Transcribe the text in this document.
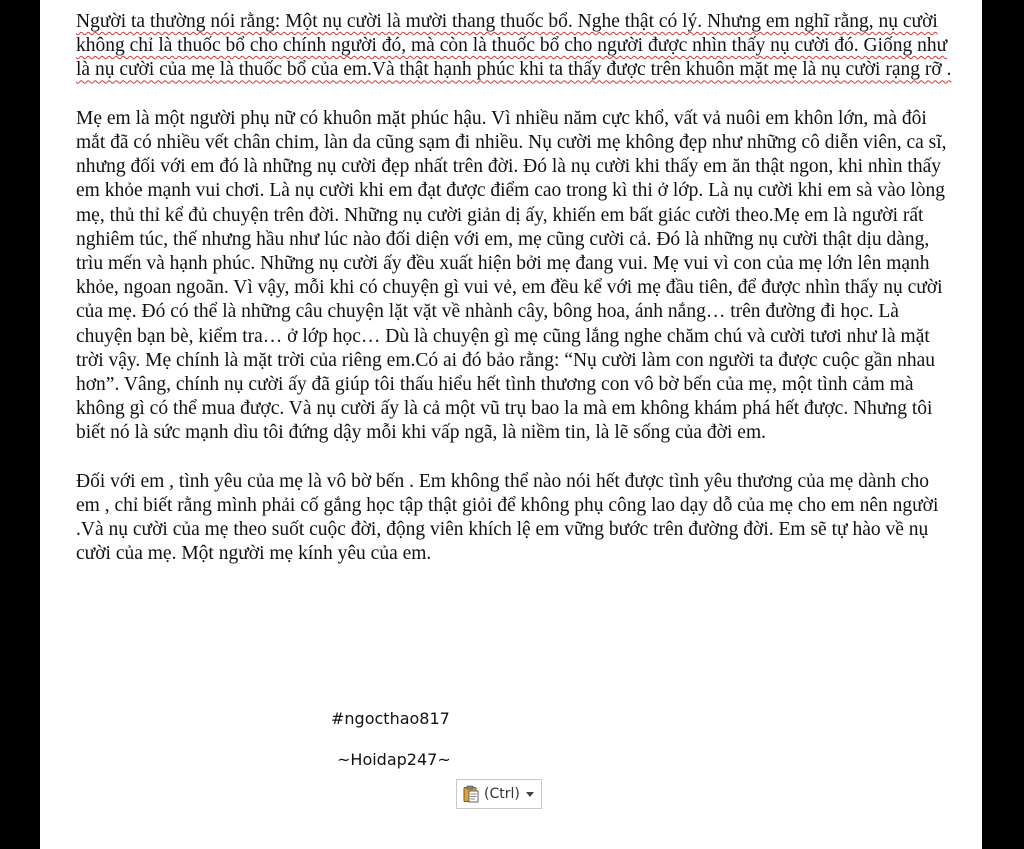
Người ta thường nói rằng: Một nụ cười là mười thang thuốc bổ. Nghe thật có lý. Nhưng em nghĩ rằng, nụ cười không chỉ là thuốc bổ cho chính người đó, mà còn là thuốc bổ cho người được nhìn thấy nụ cười đó. Giống như là nụ cười của mẹ là thuốc bổ của em.Và thật hạnh phúc khi ta thấy được trên khuôn mặt mẹ là nụ cười rạng rỡ .

Mẹ em là một người phụ nữ có khuôn mặt phúc hậu. Vì nhiều năm cực khổ, vất vả nuôi em khôn lớn, mà đôi mắt đã có nhiều vết chân chim, làn da cũng sạm đi nhiều. Nụ cười mẹ không đẹp như những cô diễn viên, ca sĩ, nhưng đối với em đó là những nụ cười đẹp nhất trên đời. Đó là nụ cười khi thấy em ăn thật ngon, khi nhìn thấy em khỏe mạnh vui chơi. Là nụ cười khi em đạt được điểm cao trong kì thi ở lớp. Là nụ cười khi em sà vào lòng mẹ, thủ thỉ kể đủ chuyện trên đời. Những nụ cười giản dị ấy, khiến em bất giác cười theo.Mẹ em là người rất nghiêm túc, thế nhưng hầu như lúc nào đối diện với em, mẹ cũng cười cả. Đó là những nụ cười thật dịu dàng, trìu mến và hạnh phúc. Những nụ cười ấy đều xuất hiện bởi mẹ đang vui. Mẹ vui vì con của mẹ lớn lên mạnh khỏe, ngoan ngoãn. Vì vậy, mỗi khi có chuyện gì vui vẻ, em đều kể với mẹ đầu tiên, để được nhìn thấy nụ cười của mẹ. Đó có thể là những câu chuyện lặt vặt về nhành cây, bông hoa, ánh nắng… trên đường đi học. Là chuyện bạn bè, kiểm tra… ở lớp học… Dù là chuyện gì mẹ cũng lắng nghe chăm chú và cười tươi như là mặt trời vậy. Mẹ chính là mặt trời của riêng em.Có ai đó bảo rằng: “Nụ cười làm con người ta được cuộc gần nhau hơn”. Vâng, chính nụ cười ấy đã giúp tôi thấu hiểu hết tình thương con vô bờ bến của mẹ, một tình cảm mà không gì có thể mua được. Và nụ cười ấy là cả một vũ trụ bao la mà em không khám phá hết được. Nhưng tôi biết nó là sức mạnh dìu tôi đứng dậy mỗi khi vấp ngã, là niềm tin, là lẽ sống của đời em.

Đối với em , tình yêu của mẹ là vô bờ bến . Em không thể nào nói hết được tình yêu thương của mẹ dành cho em , chỉ biết rằng mình phải cố gắng học tập thật giỏi để không phụ công lao dạy dỗ của mẹ cho em nên người .Và nụ cười của mẹ theo suốt cuộc đời, động viên khích lệ em vững bước trên đường đời. Em sẽ tự hào về nụ cười của mẹ. Một người mẹ kính yêu của em.

#ngocthao817
~Hoidap247~
(Ctrl)
